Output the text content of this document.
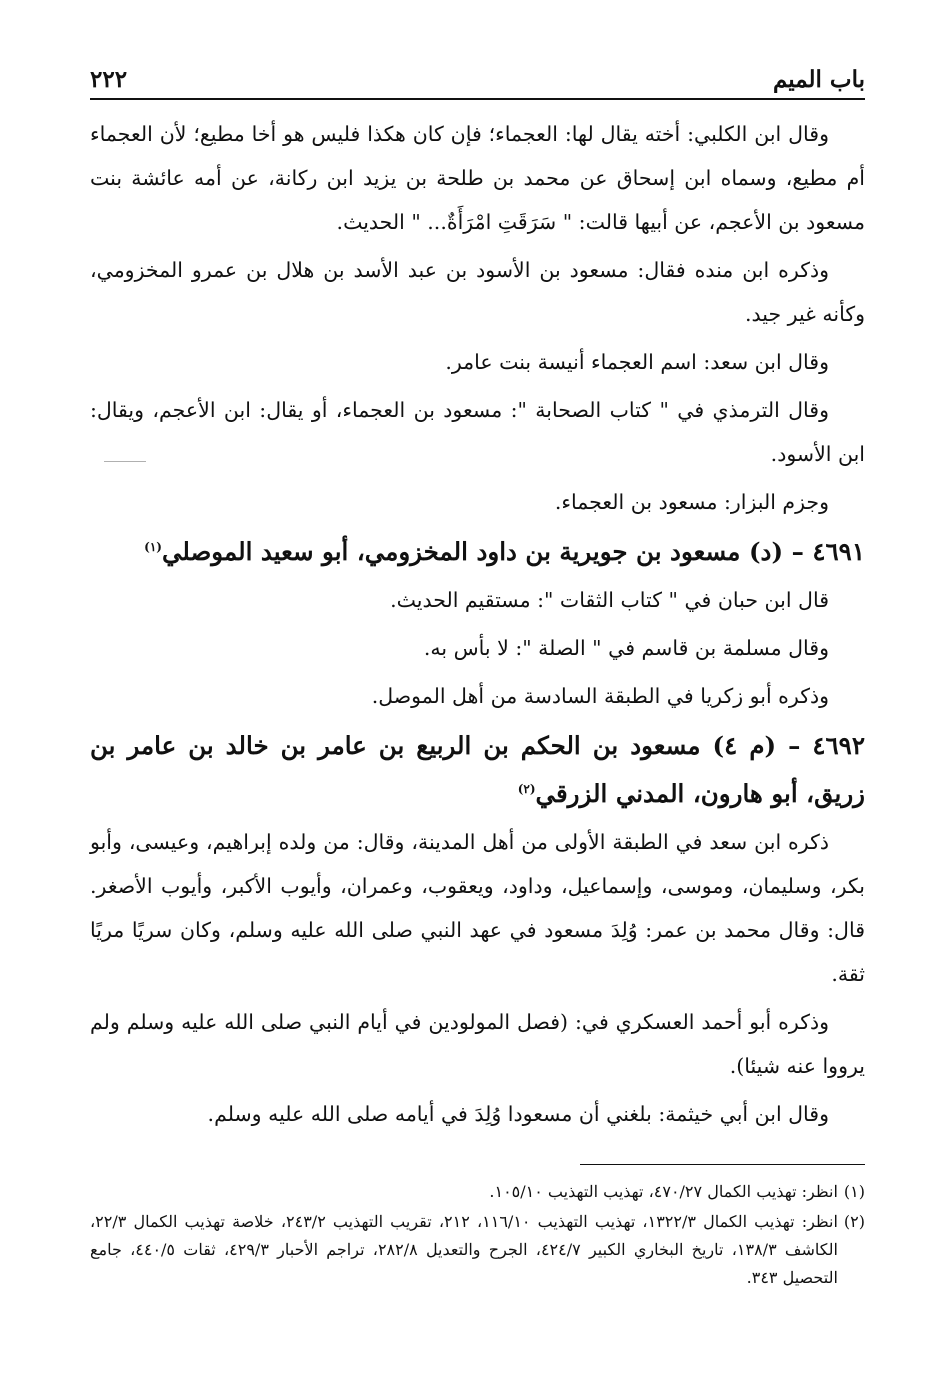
باب الميم
٢٢٢

وقال ابن الكلبي: أخته يقال لها: العجماء؛ فإن كان هكذا فليس هو أخا مطيع؛ لأن العجماء أم مطيع، وسماه ابن إسحاق عن محمد بن طلحة بن يزيد ابن ركانة، عن أمه عائشة بنت مسعود بن الأعجم، عن أبيها قالت: " سَرَقَتِ امْرَأَةٌ... " الحديث.

وذكره ابن منده فقال: مسعود بن الأسود بن عبد الأسد بن هلال بن عمرو المخزومي، وكأنه غير جيد.

وقال ابن سعد: اسم العجماء أنيسة بنت عامر.

وقال الترمذي في " كتاب الصحابة ": مسعود بن العجماء، أو يقال: ابن الأعجم، ويقال: ابن الأسود.

وجزم البزار: مسعود بن العجماء.

٤٦٩١ – (د) مسعود بن جويرية بن داود المخزومي، أبو سعيد الموصلي$^{(١)}$

قال ابن حبان في " كتاب الثقات ": مستقيم الحديث.

وقال مسلمة بن قاسم في " الصلة ": لا بأس به.

وذكره أبو زكريا في الطبقة السادسة من أهل الموصل.

٤٦٩٢ – (م ٤) مسعود بن الحكم بن الربيع بن عامر بن خالد بن عامر بن زريق، أبو هارون، المدني الزرقي$^{(٢)}$

ذكره ابن سعد في الطبقة الأولى من أهل المدينة، وقال: من ولده إبراهيم، وعيسى، وأبو بكر، وسليمان، وموسى، وإسماعيل، وداود، ويعقوب، وعمران، وأيوب الأكبر، وأيوب الأصغر. قال: وقال محمد بن عمر: وُلِدَ مسعود في عهد النبي صلى الله عليه وسلم، وكان سريًا مريًا ثقة.

وذكره أبو أحمد العسكري في: (فصل المولودين في أيام النبي صلى الله عليه وسلم ولم يرووا عنه شيئا).

وقال ابن أبي خيثمة: بلغني أن مسعودا وُلِدَ في أيامه صلى الله عليه وسلم.

(١)
انظر: تهذيب الكمال ٤٧٠/٢٧، تهذيب التهذيب ١٠٥/١٠.
(٢)
انظر: تهذيب الكمال ١٣٢٢/٣، تهذيب التهذيب ١١٦/١٠، ٢١٢، تقريب التهذيب ٢٤٣/٢، خلاصة تهذيب الكمال ٢٢/٣، الكاشف ١٣٨/٣، تاريخ البخاري الكبير ٤٢٤/٧، الجرح والتعديل ٢٨٢/٨، تراجم الأحبار ٤٢٩/٣، ثقات ٤٤٠/٥، جامع التحصيل ٣٤٣.
